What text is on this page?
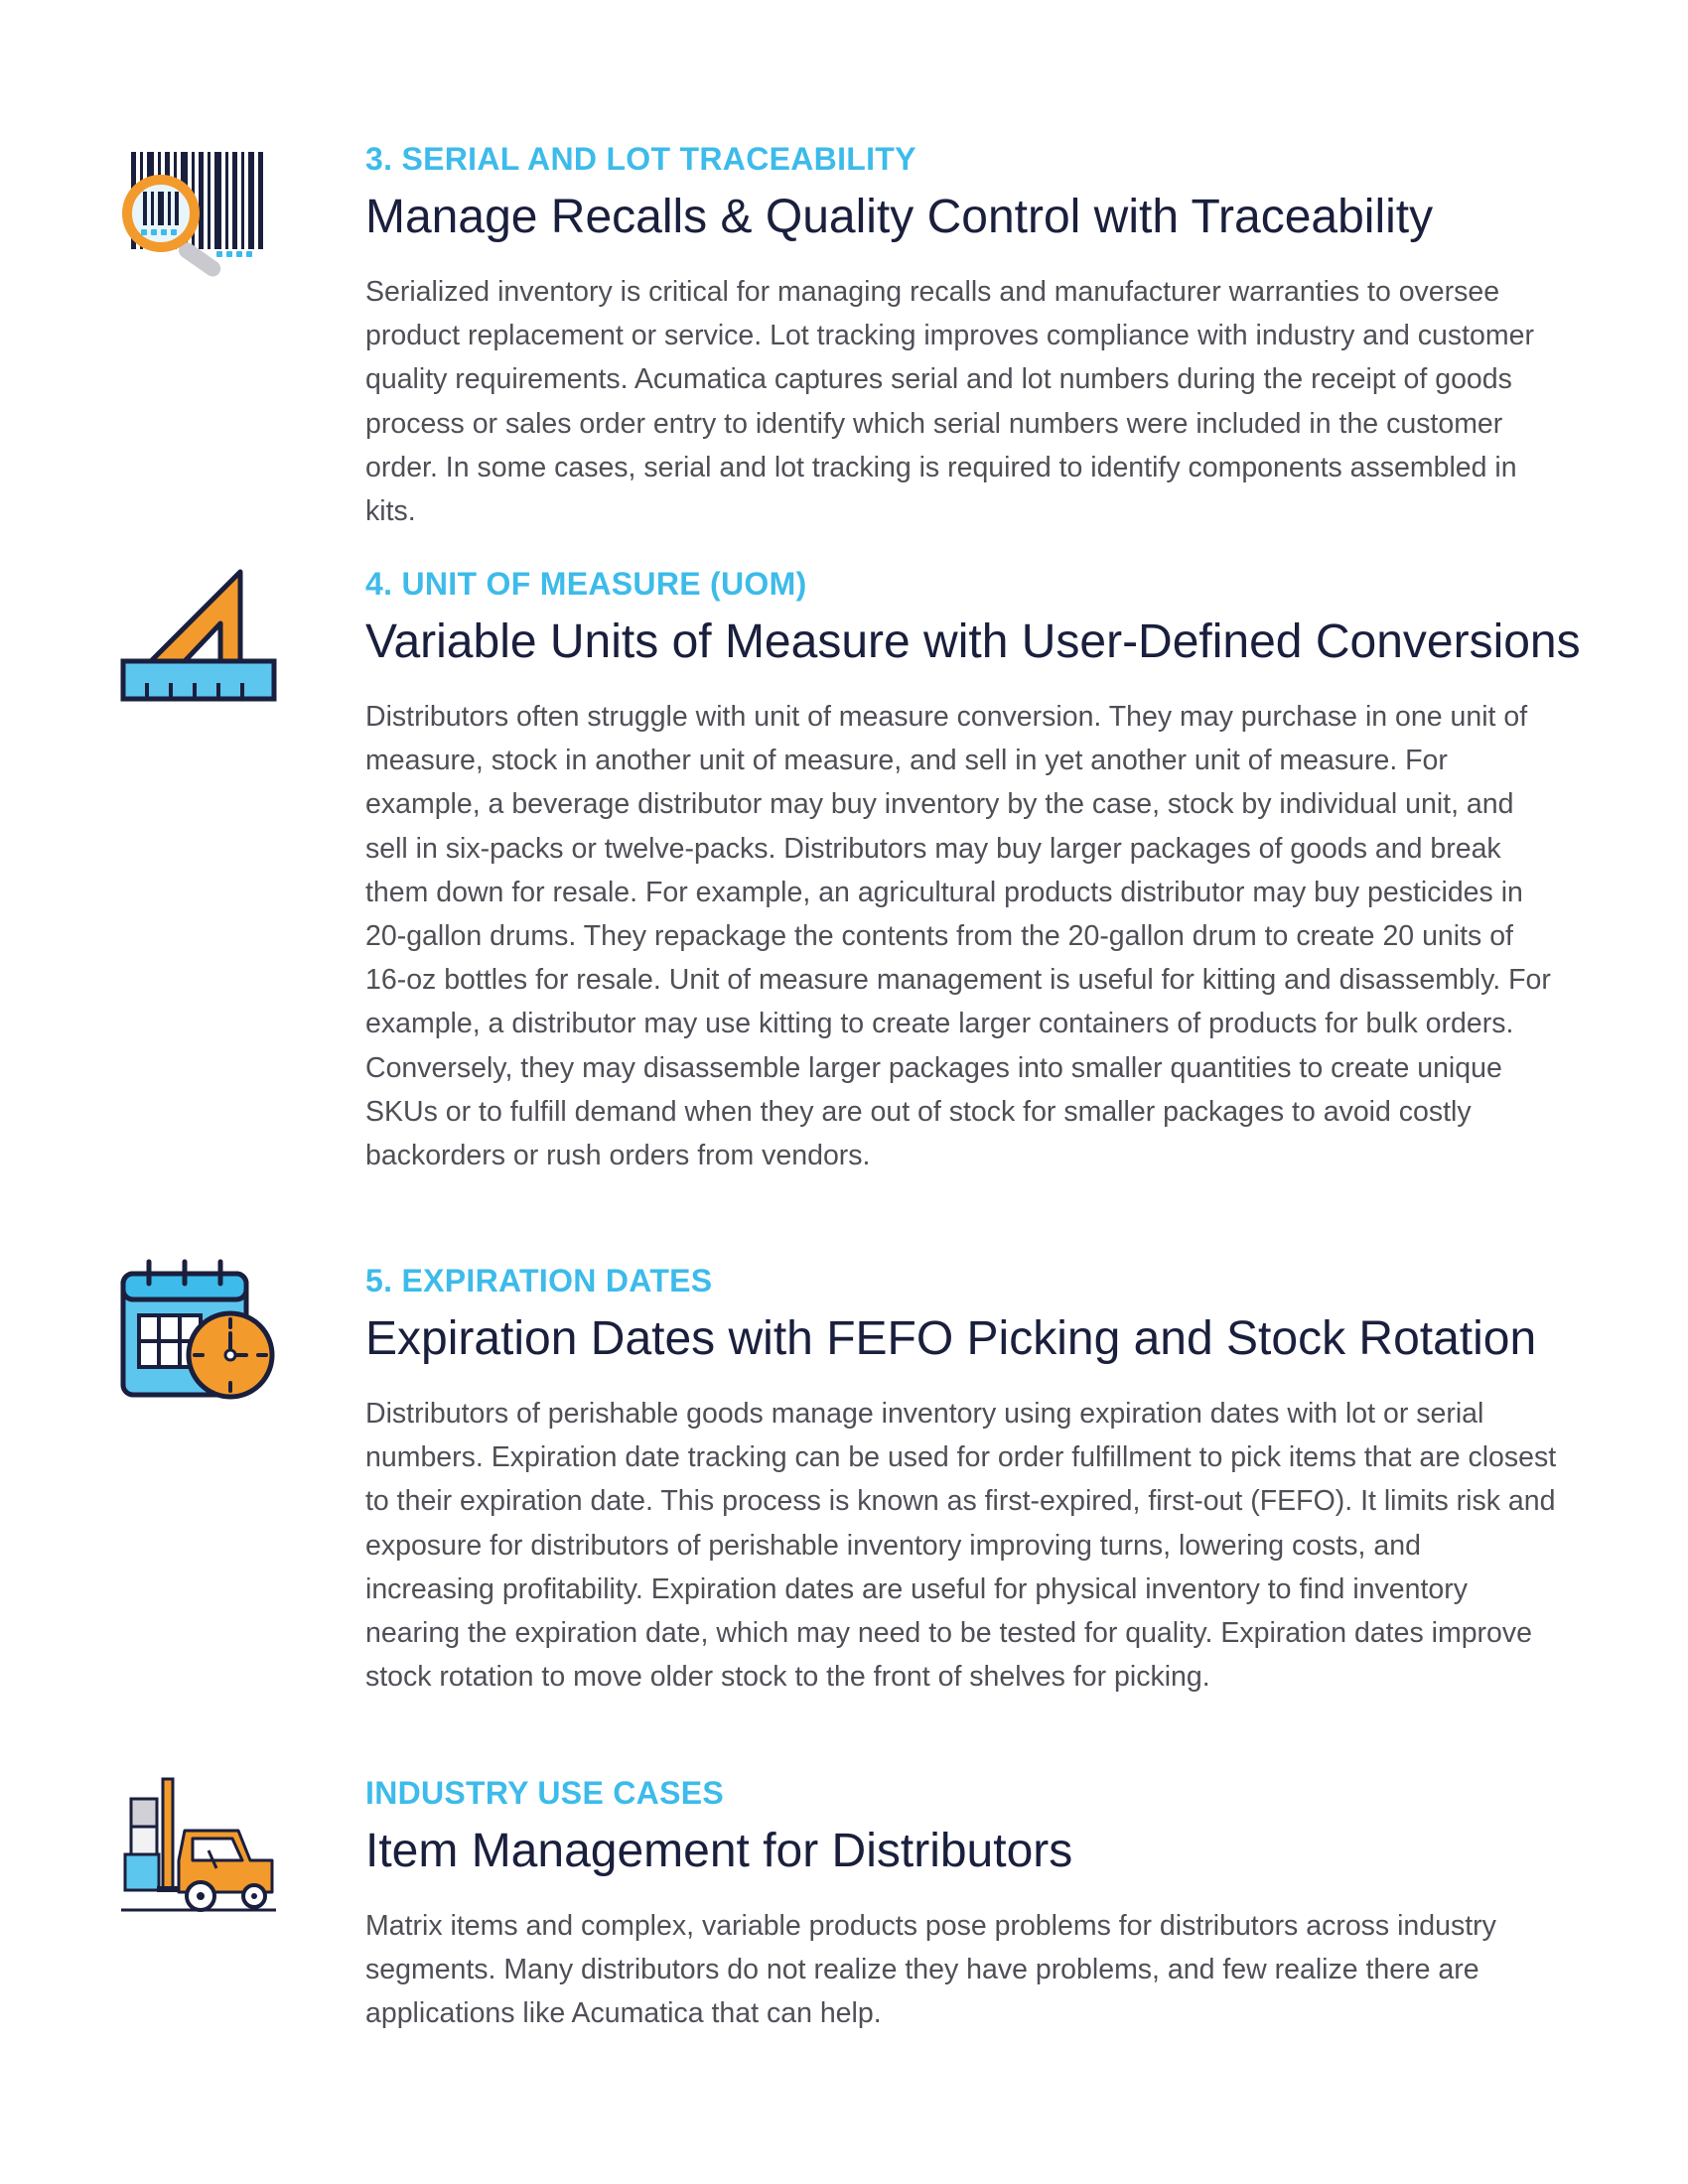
3. SERIAL AND LOT TRACEABILITY

Manage Recalls & Quality Control with Traceability

Serialized inventory is critical for managing recalls and manufacturer warranties to oversee product replacement or service. Lot tracking improves compliance with industry and customer quality requirements. Acumatica captures serial and lot numbers during the receipt of goods process or sales order entry to identify which serial numbers were included in the customer order. In some cases, serial and lot tracking is required to identify components assembled in kits.

4. UNIT OF MEASURE (UOM)

Variable Units of Measure with User-Defined Conversions

Distributors often struggle with unit of measure conversion. They may purchase in one unit of measure, stock in another unit of measure, and sell in yet another unit of measure. For example, a beverage distributor may buy inventory by the case, stock by individual unit, and sell in six-packs or twelve-packs. Distributors may buy larger packages of goods and break them down for resale. For example, an agricultural products distributor may buy pesticides in 20-gallon drums. They repackage the contents from the 20-gallon drum to create 20 units of 16-oz bottles for resale. Unit of measure management is useful for kitting and disassembly. For example, a distributor may use kitting to create larger containers of products for bulk orders. Conversely, they may disassemble larger packages into smaller quantities to create unique SKUs or to fulfill demand when they are out of stock for smaller packages to avoid costly backorders or rush orders from vendors.

5. EXPIRATION DATES

Expiration Dates with FEFO Picking and Stock Rotation

Distributors of perishable goods manage inventory using expiration dates with lot or serial numbers. Expiration date tracking can be used for order fulfillment to pick items that are closest to their expiration date. This process is known as first-expired, first-out (FEFO). It limits risk and exposure for distributors of perishable inventory improving turns, lowering costs, and increasing profitability. Expiration dates are useful for physical inventory to find inventory nearing the expiration date, which may need to be tested for quality. Expiration dates improve stock rotation to move older stock to the front of shelves for picking.

INDUSTRY USE CASES

Item Management for Distributors

Matrix items and complex, variable products pose problems for distributors across industry segments. Many distributors do not realize they have problems, and few realize there are applications like Acumatica that can help.
